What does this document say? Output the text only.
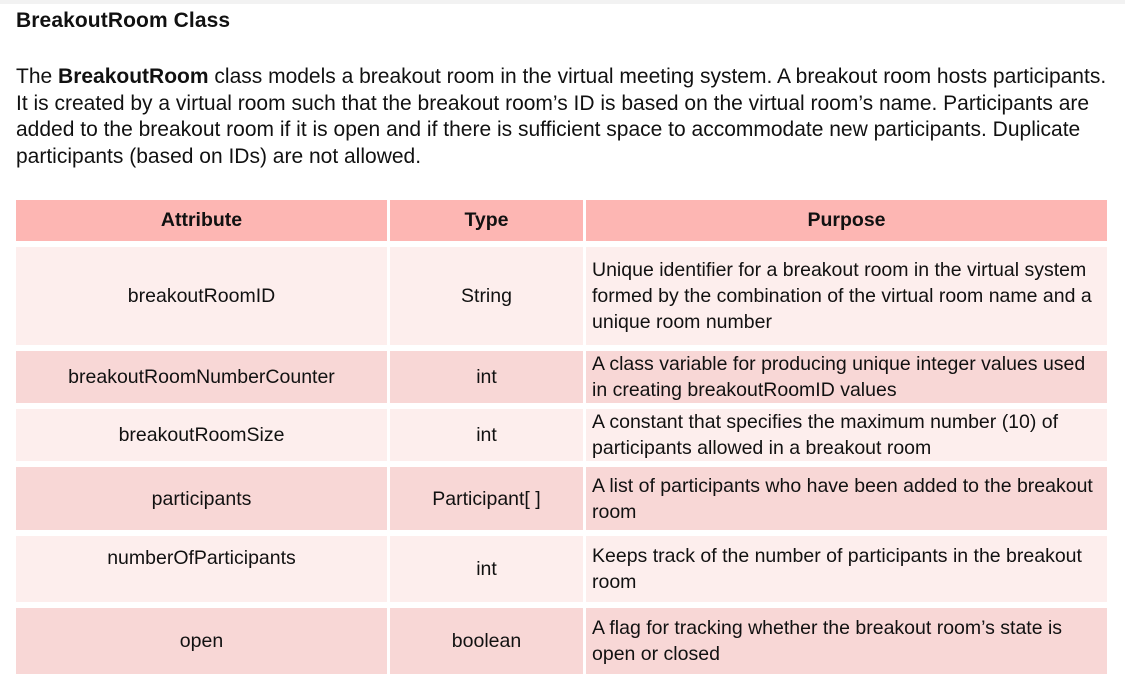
BreakoutRoom Class

The BreakoutRoom class models a breakout room in the virtual meeting system. A breakout room hosts participants. It is created by a virtual room such that the breakout room’s ID is based on the virtual room’s name. Participants are added to the breakout room if it is open and if there is sufficient space to accommodate new participants. Duplicate participants (based on IDs) are not allowed.

Attribute	Type	Purpose
breakoutRoomID	String	Unique identifier for a breakout room in the virtual system formed by the combination of the virtual room name and a unique room number
breakoutRoomNumberCounter	int	A class variable for producing unique integer values used in creating breakoutRoomID values
breakoutRoomSize	int	A constant that specifies the maximum number (10) of participants allowed in a breakout room
participants	Participant[ ]	A list of participants who have been added to the breakout room

numberOfParticipants	int	Keeps track of the number of participants in the breakout room
open	boolean	A flag for tracking whether the breakout room’s state is open or closed
